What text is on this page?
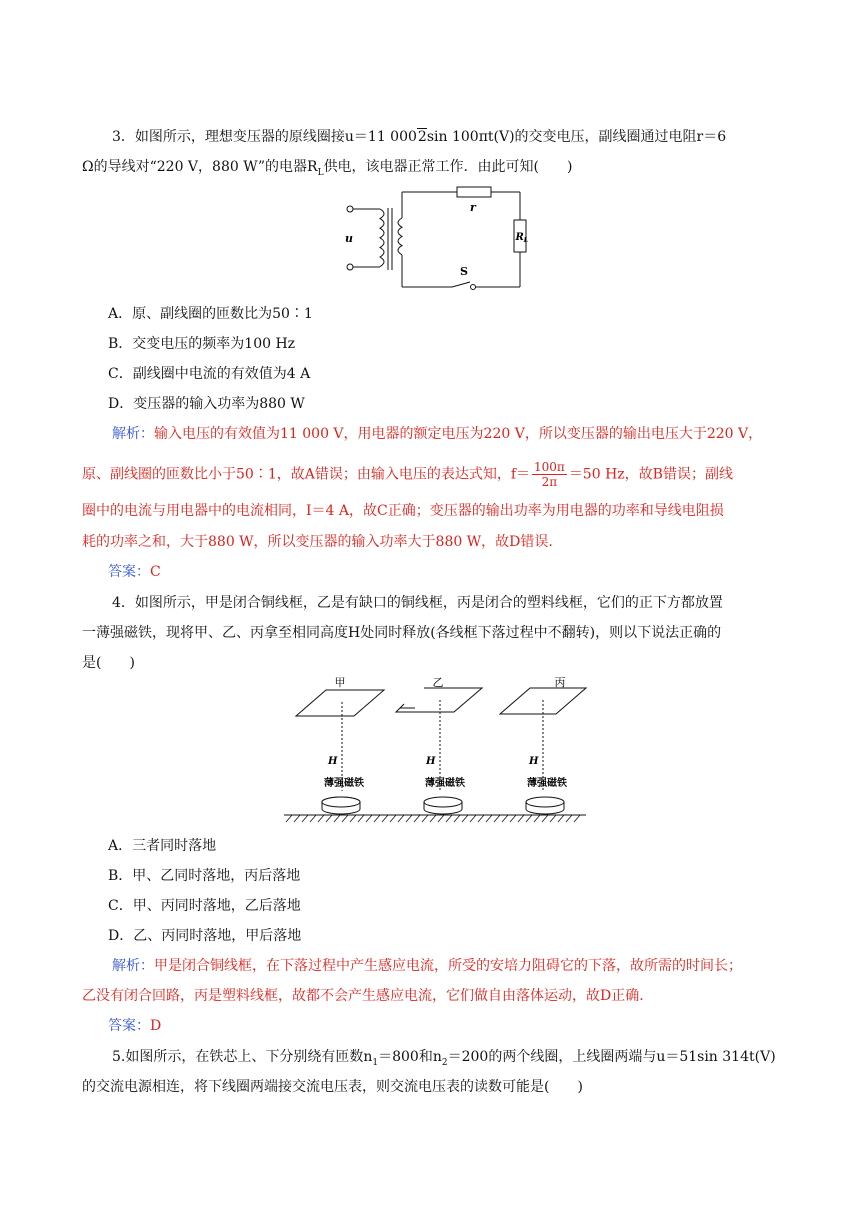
3．如图所示，理想变压器的原线圈接u＝11 0002sin 100πt(V)的交变电压，副线圈通过电阻r＝6
Ω的导线对“220 V，880 W”的电器$R_L$供电，该电器正常工作．由此可知(　　)
u
r
$R_L$
S
A．原、副线圈的匝数比为50∶1
B．交变电压的频率为100 Hz
C．副线圈中电流的有效值为4 A
D．变压器的输入功率为880 W
解析：输入电压的有效值为11 000 V，用电器的额定电压为220 V，所以变压器的输出电压大于220 V，
原、副线圈的匝数比小于50∶1，故A错误；由输入电压的表达式知，$f= \frac{100\pi}{2\pi} =50$ Hz，故B错误；副线
圈中的电流与用电器中的电流相同，I＝4 A，故C正确；变压器的输出功率为用电器的功率和导线电阻损
耗的功率之和，大于880 W，所以变压器的输入功率大于880 W，故D错误.
答案：C
4．如图所示，甲是闭合铜线框，乙是有缺口的铜线框，丙是闭合的塑料线框，它们的正下方都放置
一薄强磁铁，现将甲、乙、丙拿至相同高度H处同时释放(各线框下落过程中不翻转)，则以下说法正确的
是(　　)
甲	乙	丙
H	H	H
薄强磁铁	薄强磁铁	薄强磁铁
A．三者同时落地
B．甲、乙同时落地，丙后落地
C．甲、丙同时落地，乙后落地
D．乙、丙同时落地，甲后落地
解析：甲是闭合铜线框，在下落过程中产生感应电流，所受的安培力阻碍它的下落，故所需的时间长；
乙没有闭合回路，丙是塑料线框，故都不会产生感应电流，它们做自由落体运动，故D正确.
答案：D
5.如图所示，在铁芯上、下分别绕有匝数$n_1=800$和$n_2=200$的两个线圈，上线圈两端与u＝51sin 314t(V)
的交流电源相连，将下线圈两端接交流电压表，则交流电压表的读数可能是(　　)
